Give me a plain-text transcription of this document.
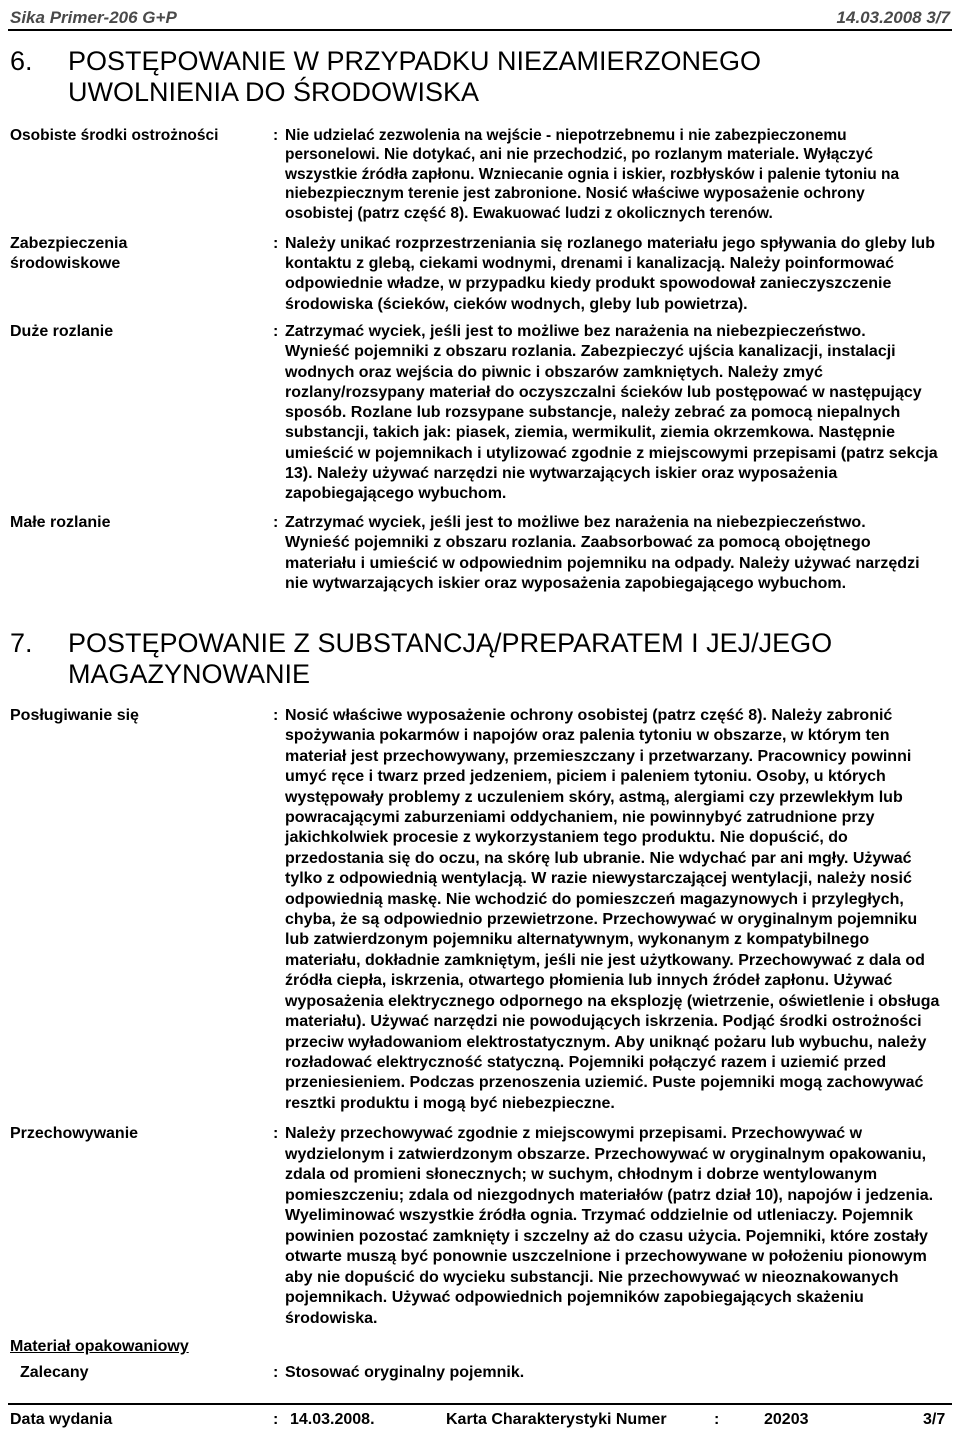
Sika Primer-206 G+P	14.03.2008 3/7
6. POSTĘPOWANIE W PRZYPADKU NIEZAMIERZONEGO
UWOLNIENIA DO ŚRODOWISKA
Osobiste środki ostrożności	: Nie udzielać zezwolenia na wejście - niepotrzebnemu i nie zabezpieczonemu
personelowi. Nie dotykać, ani nie przechodzić, po rozlanym materiale. Wyłączyć
wszystkie źródła zapłonu. Wzniecanie ognia i iskier, rozbłysków i palenie tytoniu na
niebezpiecznym terenie jest zabronione. Nosić właściwe wyposażenie ochrony
osobistej (patrz część 8). Ewakuować ludzi z okolicznych terenów.
Zabezpieczenia
środowiskowe
: Należy unikać rozprzestrzeniania się rozlanego materiału jego spływania do gleby lub
kontaktu z glebą, ciekami wodnymi, drenami i kanalizacją. Należy poinformować
odpowiednie władze, w przypadku kiedy produkt spowodował zanieczyszczenie
środowiska (ścieków, cieków wodnych, gleby lub powietrza).
Duże rozlanie	: Zatrzymać wyciek, jeśli jest to możliwe bez narażenia na niebezpieczeństwo.
Wynieść pojemniki z obszaru rozlania. Zabezpieczyć ujścia kanalizacji, instalacji
wodnych oraz wejścia do piwnic i obszarów zamkniętych. Należy zmyć
rozlany/rozsypany materiał do oczyszczalni ścieków lub postępować w następujący
sposób. Rozlane lub rozsypane substancje, należy zebrać za pomocą niepalnych
substancji, takich jak: piasek, ziemia, wermikulit, ziemia okrzemkowa. Następnie
umieścić w pojemnikach i utylizować zgodnie z miejscowymi przepisami (patrz sekcja
13). Należy używać narzędzi nie wytwarzających iskier oraz wyposażenia
zapobiegającego wybuchom.
Małe rozlanie	: Zatrzymać wyciek, jeśli jest to możliwe bez narażenia na niebezpieczeństwo.
Wynieść pojemniki z obszaru rozlania. Zaabsorbować za pomocą obojętnego
materiału i umieścić w odpowiednim pojemniku na odpady. Należy używać narzędzi
nie wytwarzających iskier oraz wyposażenia zapobiegającego wybuchom.
7. POSTĘPOWANIE Z SUBSTANCJĄ/PREPARATEM I JEJ/JEGO
MAGAZYNOWANIE
Posługiwanie się	: Nosić właściwe wyposażenie ochrony osobistej (patrz część 8). Należy zabronić
spożywania pokarmów i napojów oraz palenia tytoniu w obszarze, w którym ten
materiał jest przechowywany, przemieszczany i przetwarzany. Pracownicy powinni
umyć ręce i twarz przed jedzeniem, piciem i paleniem tytoniu. Osoby, u których
występowały problemy z uczuleniem skóry, astmą, alergiami czy przewlekłym lub
powracającymi zaburzeniami oddychaniem, nie powinnybyć zatrudnione przy
jakichkolwiek procesie z wykorzystaniem tego produktu. Nie dopuścić, do
przedostania się do oczu, na skórę lub ubranie. Nie wdychać par ani mgły. Używać
tylko z odpowiednią wentylacją. W razie niewystarczającej wentylacji, należy nosić
odpowiednią maskę. Nie wchodzić do pomieszczeń magazynowych i przyległych,
chyba, że są odpowiednio przewietrzone. Przechowywać w oryginalnym pojemniku
lub zatwierdzonym pojemniku alternatywnym, wykonanym z kompatybilnego
materiału, dokładnie zamkniętym, jeśli nie jest użytkowany. Przechowywać z dala od
źródła ciepła, iskrzenia, otwartego płomienia lub innych źródeł zapłonu. Używać
wyposażenia elektrycznego odpornego na eksplozję (wietrzenie, oświetlenie i obsługa
materiału). Używać narzędzi nie powodujących iskrzenia. Podjąć środki ostrożności
przeciw wyładowaniom elektrostatycznym. Aby uniknąć pożaru lub wybuchu, należy
rozładować elektryczność statyczną. Pojemniki połączyć razem i uziemić przed
przeniesieniem. Podczas przenoszenia uziemić. Puste pojemniki mogą zachowywać
resztki produktu i mogą być niebezpieczne.
Przechowywanie	: Należy przechowywać zgodnie z miejscowymi przepisami. Przechowywać w
wydzielonym i zatwierdzonym obszarze. Przechowywać w oryginalnym opakowaniu,
zdala od promieni słonecznych; w suchym, chłodnym i dobrze wentylowanym
pomieszczeniu; zdala od niezgodnych materiałów (patrz dział 10), napojów i jedzenia.
Wyeliminować wszystkie źródła ognia. Trzymać oddzielnie od utleniaczy. Pojemnik
powinien pozostać zamknięty i szczelny aż do czasu użycia. Pojemniki, które zostały
otwarte muszą być ponownie uszczelnione i przechowywane w położeniu pionowym
aby nie dopuścić do wycieku substancji. Nie przechowywać w nieoznakowanych
pojemnikach. Używać odpowiednich pojemników zapobiegających skażeniu
środowiska.
Materiał opakowaniowy
Zalecany	: Stosować oryginalny pojemnik.
Data wydania	: 14.03.2008.	Karta Charakterystyki Numer	:	20203	3/7
